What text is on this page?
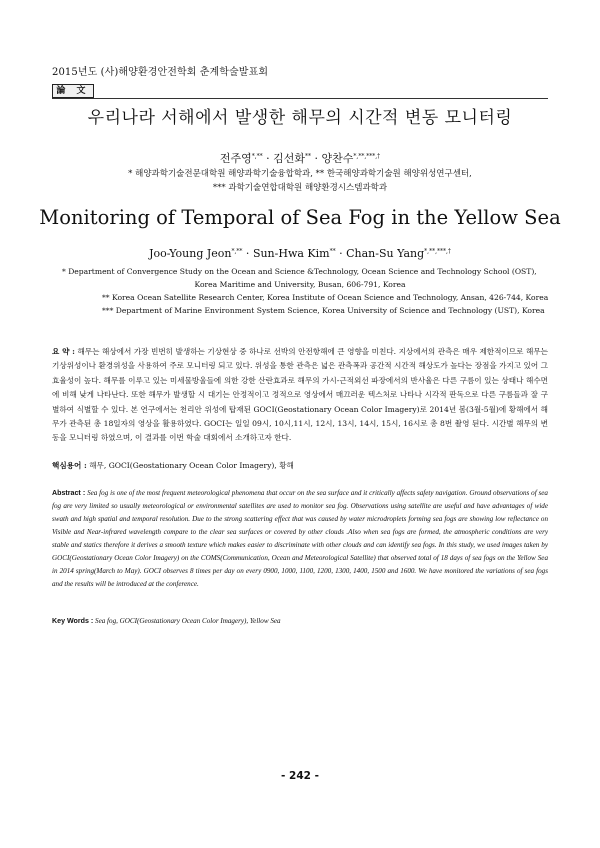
2015년도 (사)해양환경안전학회 춘계학술발표회
論 文
우리나라 서해에서 발생한 해무의 시간적 변동 모니터링
전주영*,** · 김선화** · 양찬수*,**,***,†
* 해양과학기술전문대학원 해양과학기술융합학과, ** 한국해양과학기술원 해양위성연구센터,
*** 과학기술연합대학원 해양환경시스템과학과
Monitoring of Temporal of Sea Fog in the Yellow Sea
Joo-Young Jeon*,** · Sun-Hwa Kim** · Chan-Su Yang*,**,***,†
* Department of Convergence Study on the Ocean and Science &Technology, Ocean Science and Technology School (OST),
Korea Maritime and University, Busan, 606-791, Korea
** Korea Ocean Satellite Research Center, Korea Institute of Ocean Science and Technology, Ansan, 426-744, Korea
*** Department of Marine Environment System Science, Korea University of Science and Technology (UST), Korea
요 약 : 해무는 해상에서 가장 빈번히 발생하는 기상현상 중 하나로 선박의 안전항해에 큰 영향을 미친다. 지상에서의 관측은 매우 제한적이므로 해무는 기상위성이나 환경위성을 사용하여 주로 모니터링 되고 있다. 위성을 통한 관측은 넓은 관측폭과 공간적 시간적 해상도가 높다는 장점을 가지고 있어 그 효율성이 높다. 해무를 이루고 있는 미세물방울들에 의한 강한 산란효과로 해무의 가시-근적외선 파장에서의 반사율은 다른 구름이 있는 상태나 해수면에 비해 낮게 나타난다. 또한 해무가 발생할 시 대기는 안정적이고 정적으로 영상에서 매끄러운 텍스처로 나타나 시각적 판독으로 다른 구름들과 잘 구별하여 식별할 수 있다. 본 연구에서는 천리안 위성에 탑재된 GOCI(Geostationary Ocean Color Imagery)로 2014년 봄(3월-5월)에 황해에서 해무가 관측된 총 18일자의 영상을 활용하였다. GOCI는 일일 09시, 10시,11시, 12시, 13시, 14시, 15시, 16시로 총 8번 촬영 된다. 시간별 해무의 변동을 모니터링 하였으며, 이 결과를 이번 학술 대회에서 소개하고자 한다.
핵심용어 : 해무, GOCI(Geostationary Ocean Color Imagery), 황해
Abstract : Sea fog is one of the most frequent meteorological phenomena that occur on the sea surface and it critically affects safety navigation. Ground observations of sea fog are very limited so usually meteorological or environmental satellites are used to monitor sea fog. Observations using satellite are useful and have advantages of wide swath and high spatial and temporal resolution. Due to the strong scattering effect that was caused by water microdroplets forming sea fogs are showing low reflectance on Visible and Near-infrared wavelength compare to the clear sea surfaces or covered by other clouds .Also when sea fogs are formed, the atmospheric conditions are very stable and statics therefore it derives a smooth texture which makes easier to discriminate with other clouds and can identify sea fogs. In this study, we used images taken by GOCI(Geostationary Ocean Color Imagery) on the COMS(Communication, Ocean and Meteorological Satellite) that observed total of 18 days of sea fogs on the Yellow Sea in 2014 spring(March to May). GOCI observes 8 times per day on every 0900, 1000, 1100, 1200, 1300, 1400, 1500 and 1600. We have monitored the variations of sea fogs and the results will be introduced at the conference.
Key Words : Sea fog, GOCI(Geostationary Ocean Color Imagery), Yellow Sea
- 242 -
